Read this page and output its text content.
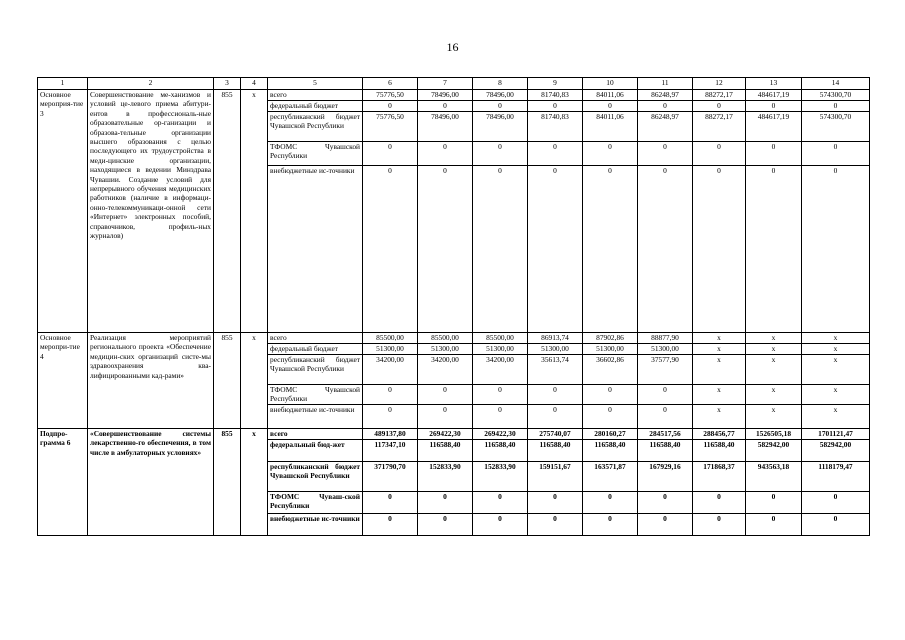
16
1	2	3	4	5	6	7	8	9	10	11	12	13	14
Основное мероприя-тие 3	Совершенствование ме-ханизмов и условий це-левого приема абитури-ентов в профессиональ-ные образовательные ор-ганизации и образова-тельные организации высшего образования с целью последующего их трудоустройства в меди-цинские организации, находящиеся в ведении Минздрава Чувашии. Создание условий для непрерывного обучения медицинских работников (наличие в информаци-онно-телекоммуникаци-онной сети «Интернет» электронных пособий, справочников, профиль-ных журналов)	855	х	всего	75776,50	78496,00	78496,00	81740,83	84011,06	86248,97	88272,17	484617,19	574300,70
				федеральный бюджет	0	0	0	0	0	0	0	0	0
				республиканский бюджет Чувашской Республики	75776,50	78496,00	78496,00	81740,83	84011,06	86248,97	88272,17	484617,19	574300,70
				ТФОМС Чувашской Республики	0	0	0	0	0	0	0	0	0
				внебюджетные ис-точники	0	0	0	0	0	0	0	0	0
Основное меропри-тие 4	Реализация мероприятий регионального проекта «Обеспечение медицин-ских организаций систе-мы здравоохранения ква-лифицированными кад-рами»	855	х	всего	85500,00	85500,00	85500,00	86913,74	87902,86	88877,90	х	х	х
				федеральный бюджет	51300,00	51300,00	51300,00	51300,00	51300,00	51300,00	х	х	х
				республиканский бюджет Чувашской Республики	34200,00	34200,00	34200,00	35613,74	36602,86	37577,90	х	х	х
				ТФОМС Чувашской Республики	0	0	0	0	0	0	х	х	х
				внебюджетные ис-точники	0	0	0	0	0	0	х	х	х
Подпро-грамма 6	«Совершенствование системы лекарственно-го обеспечения, в том числе в амбулаторных условиях»	855	х	всего	489137,80	269422,30	269422,30	275740,07	280160,27	284517,56	288456,77	1526505,18	1701121,47
				федеральный бюд-жет	117347,10	116588,40	116588,40	116588,40	116588,40	116588,40	116588,40	582942,00	582942,00
				республиканский бюджет Чувашской Республики	371790,70	152833,90	152833,90	159151,67	163571,87	167929,16	171868,37	943563,18	1118179,47
				ТФОМС Чуваш-ской Республики	0	0	0	0	0	0	0	0	0
				внебюджетные ис-точники	0	0	0	0	0	0	0	0	0
